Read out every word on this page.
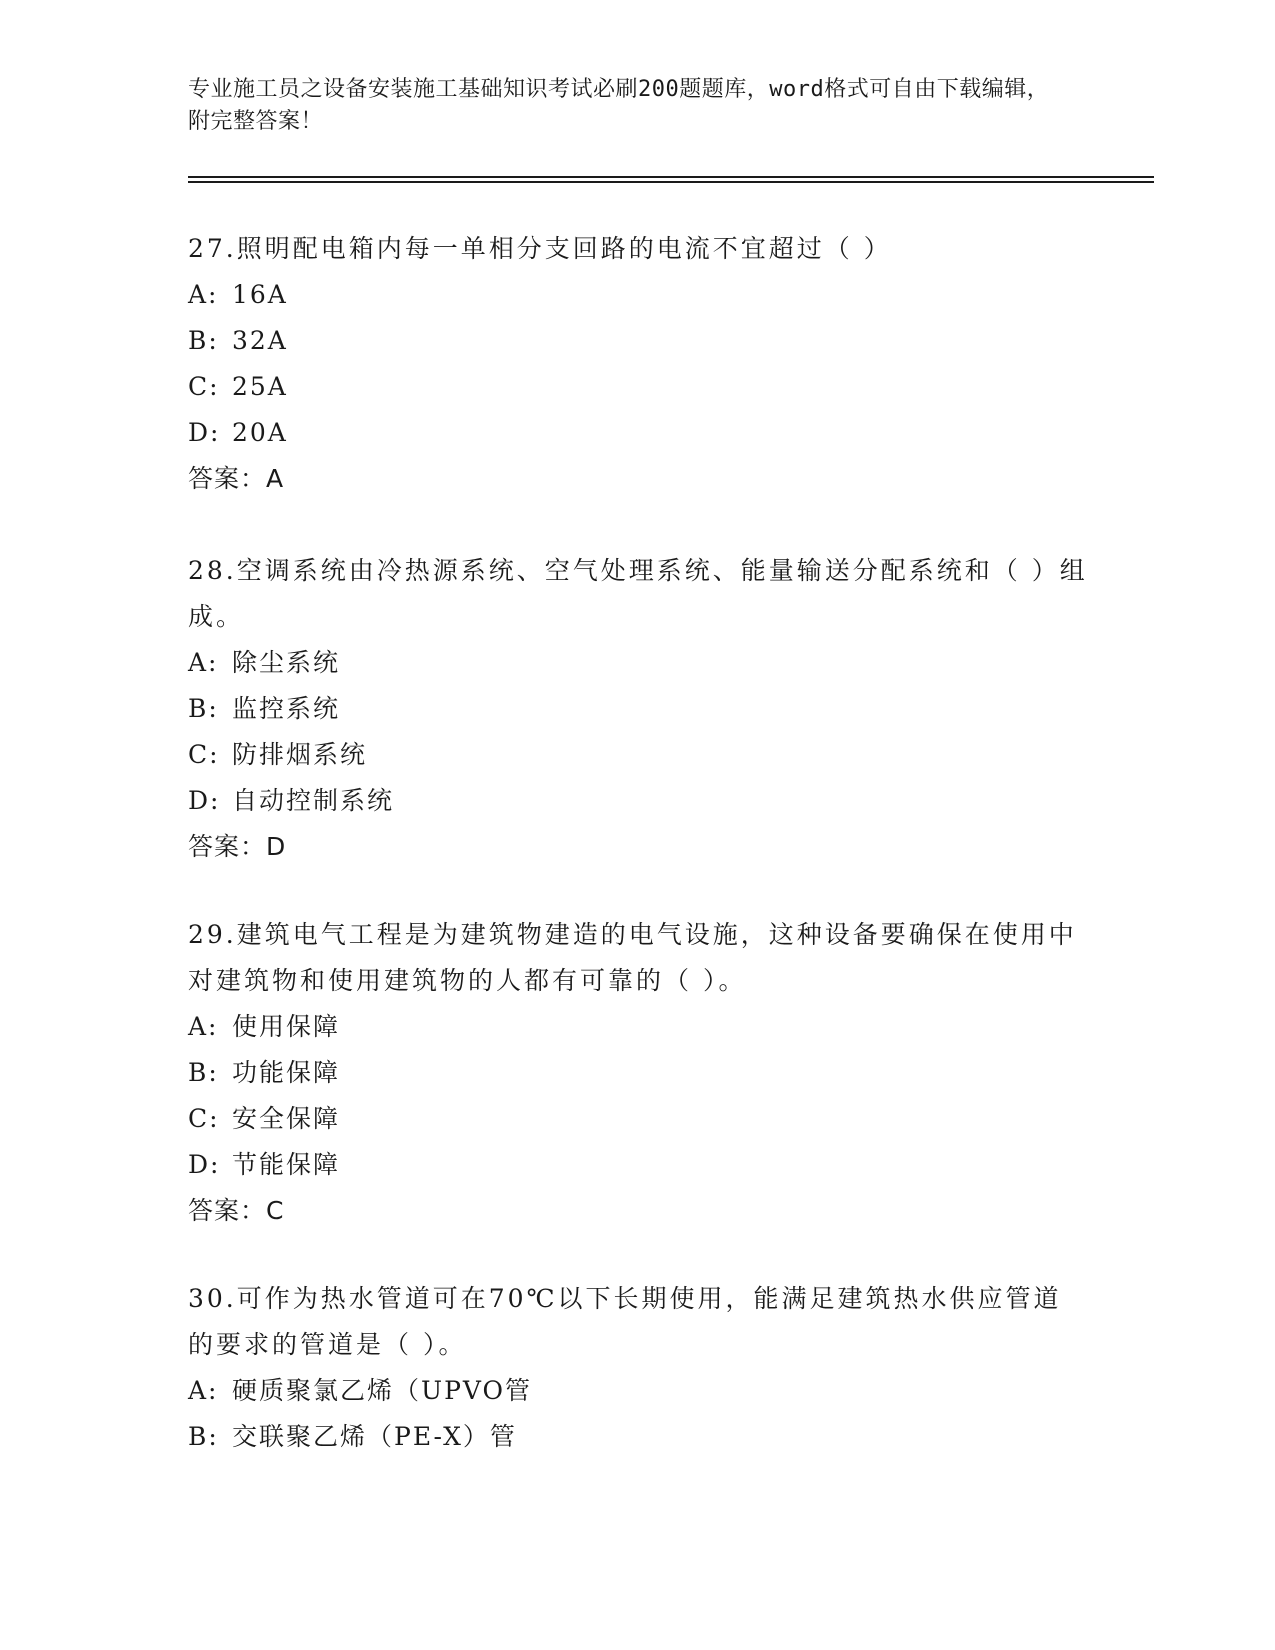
专业施工员之设备安装施工基础知识考试必刷200题题库，word格式可自由下载编辑，附完整答案！
27.照明配电箱内每一单相分支回路的电流不宜超过（ ）
A: 16A
B: 32A
C: 25A
D: 20A
答案：A
28.空调系统由冷热源系统、空气处理系统、能量输送分配系统和（ ）组成。
A: 除尘系统
B: 监控系统
C: 防排烟系统
D: 自动控制系统
答案：D
29.建筑电气工程是为建筑物建造的电气设施，这种设备要确保在使用中对建筑物和使用建筑物的人都有可靠的（ ）。
A: 使用保障
B: 功能保障
C: 安全保障
D: 节能保障
答案：C
30.可作为热水管道可在70℃以下长期使用，能满足建筑热水供应管道的要求的管道是（ ）。
A: 硬质聚氯乙烯（UPVO管
B: 交联聚乙烯（PE-X）管
